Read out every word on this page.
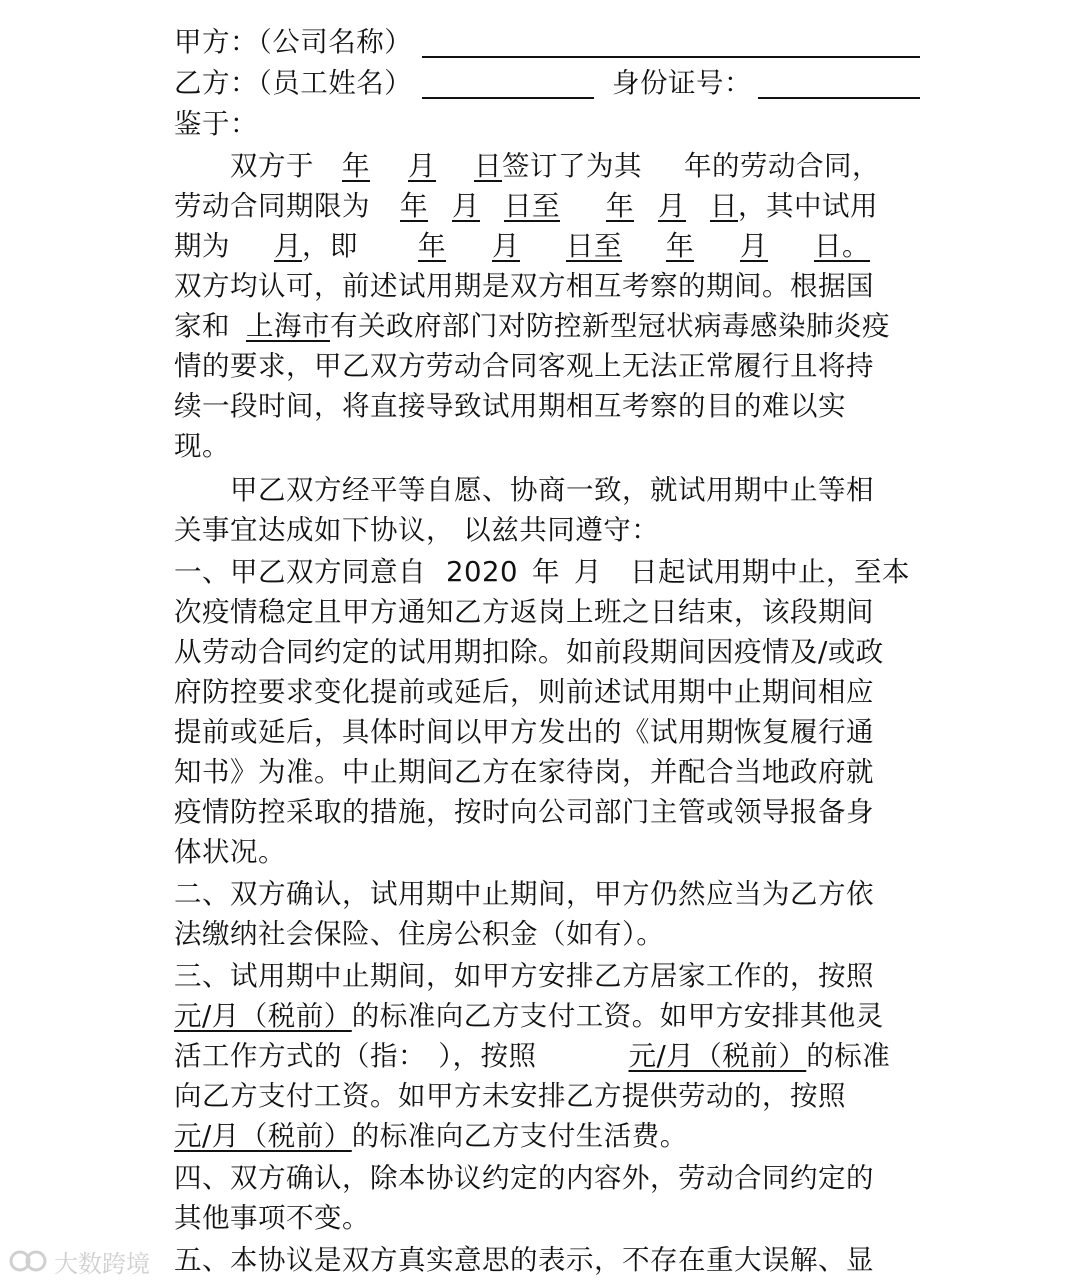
甲方：（公司名称）
乙方：（员工姓名）	身份证号：
鉴于：
双方于 年 月 日签订了为其 年的劳动合同，
劳动合同期限为 年 月 日至 年 月 日，其中试用
期为 月，即 年 月 日至 年 月 日。
双方均认可，前述试用期是双方相互考察的期间。根据国
家和 上海市有关政府部门对防控新型冠状病毒感染肺炎疫
情的要求，甲乙双方劳动合同客观上无法正常履行且将持
续一段时间，将直接导致试用期相互考察的目的难以实
现。
甲乙双方经平等自愿、协商一致，就试用期中止等相
关事宜达成如下协议， 以兹共同遵守：
一、甲乙双方同意自 2020 年 月 日起试用期中止，至本
次疫情稳定且甲方通知乙方返岗上班之日结束，该段期间
从劳动合同约定的试用期扣除。如前段期间因疫情及/或政
府防控要求变化提前或延后，则前述试用期中止期间相应
提前或延后，具体时间以甲方发出的《试用期恢复履行通
知书》为准。中止期间乙方在家待岗，并配合当地政府就
疫情防控采取的措施，按时向公司部门主管或领导报备身
体状况。
二、双方确认，试用期中止期间，甲方仍然应当为乙方依
法缴纳社会保险、住房公积金（如有）。
三、试用期中止期间，如甲方安排乙方居家工作的，按照
元/月（税前）的标准向乙方支付工资。如甲方安排其他灵
活工作方式的（指： ），按照	元/月（税前）的标准
向乙方支付工资。如甲方未安排乙方提供劳动的，按照
元/月（税前）的标准向乙方支付生活费。
四、双方确认，除本协议约定的内容外，劳动合同约定的
其他事项不变。
五、本协议是双方真实意思的表示，不存在重大误解、显
大数跨境
